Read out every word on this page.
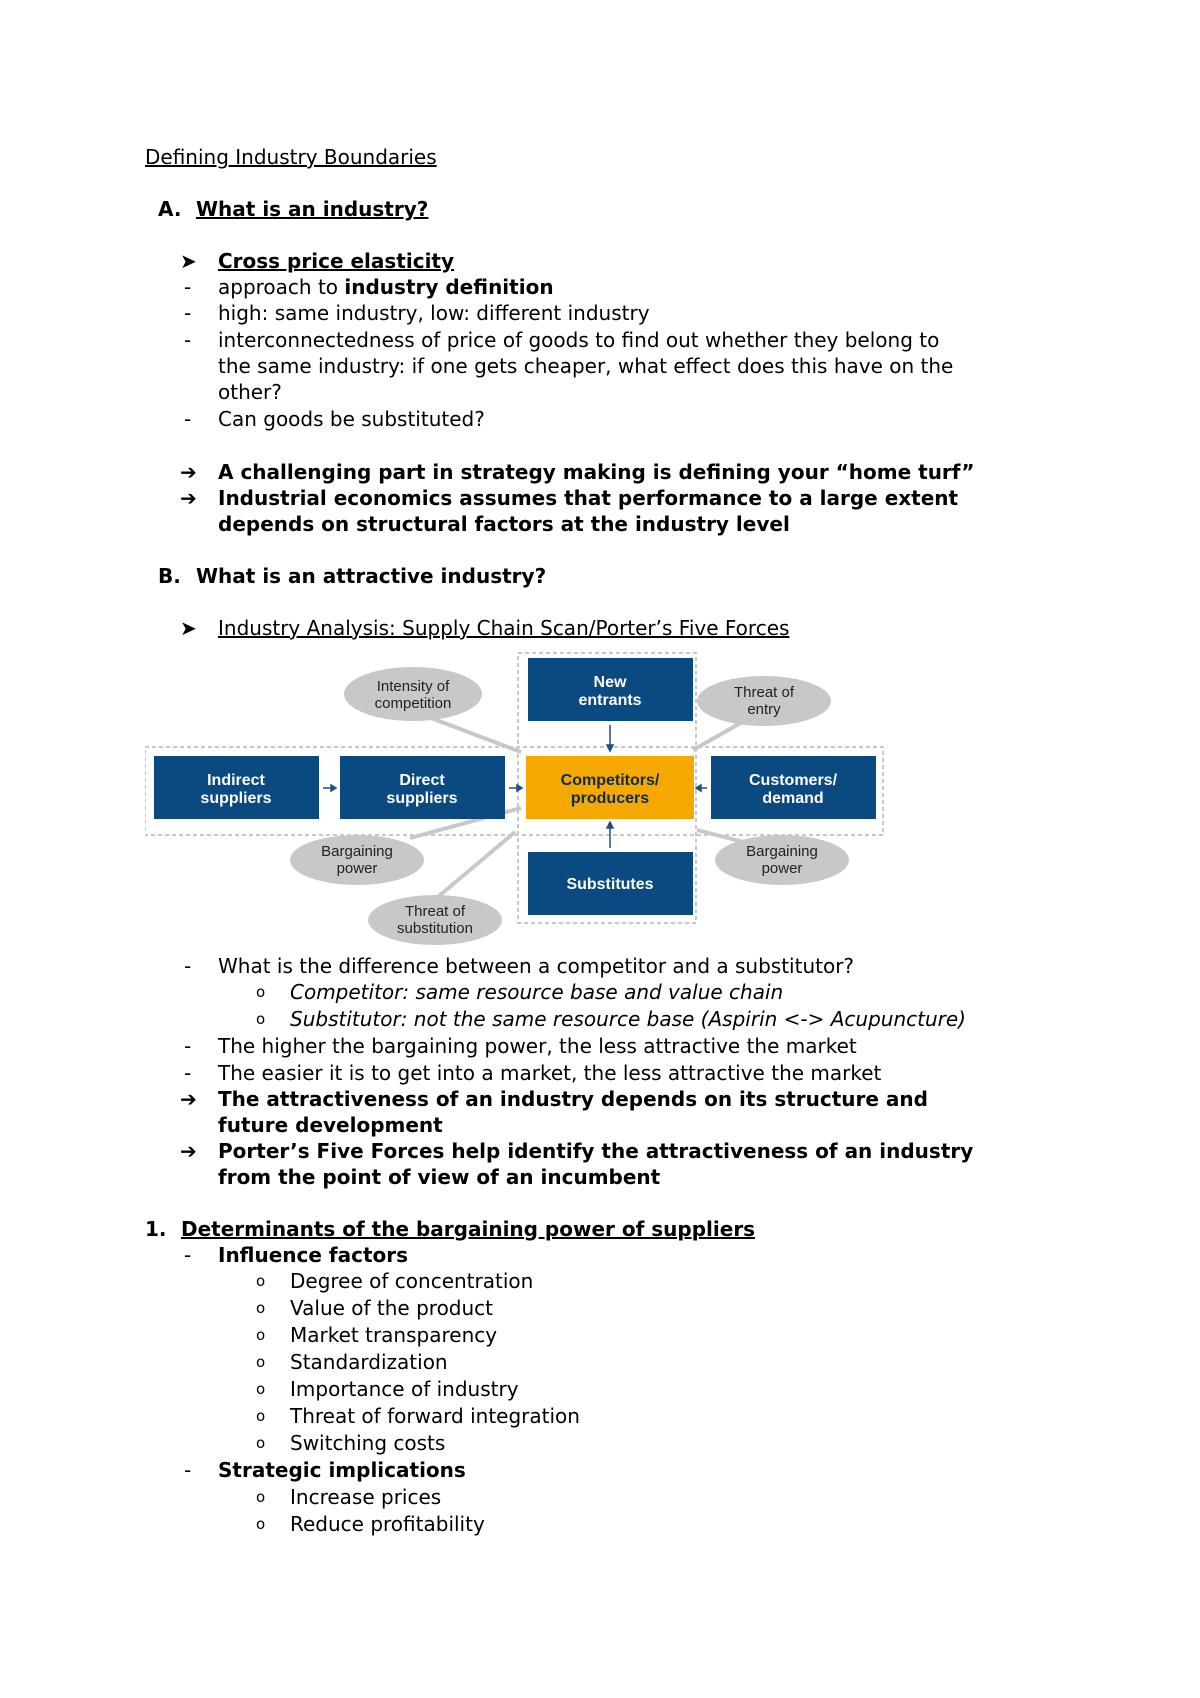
Defining Industry Boundaries
A. What is an industry?
➤ Cross price elasticity
- approach to industry definition
- high: same industry, low: different industry
- interconnectedness of price of goods to find out whether they belong to
the same industry: if one gets cheaper, what effect does this have on the
other?
- Can goods be substituted?
➔ A challenging part in strategy making is defining your “home turf”
➔ Industrial economics assumes that performance to a large extent
depends on structural factors at the industry level
B. What is an attractive industry?
➤ Industry Analysis: Supply Chain Scan/Porter’s Five Forces
New
entrants
Indirect
suppliers
Direct
suppliers
Customers/
demand
Substitutes
Competitors/
producers
Intensity of
competition
Threat of
entry
Bargaining
power
Bargaining
power
Threat of
substitution
- What is the difference between a competitor and a substitutor?
o Competitor: same resource base and value chain
o Substitutor: not the same resource base (Aspirin <-> Acupuncture)
- The higher the bargaining power, the less attractive the market
- The easier it is to get into a market, the less attractive the market
➔ The attractiveness of an industry depends on its structure and
future development
➔ Porter’s Five Forces help identify the attractiveness of an industry
from the point of view of an incumbent
1. Determinants of the bargaining power of suppliers
- Influence factors
o Degree of concentration
o Value of the product
o Market transparency
o Standardization
o Importance of industry
o Threat of forward integration
o Switching costs
- Strategic implications
o Increase prices
o Reduce profitability
